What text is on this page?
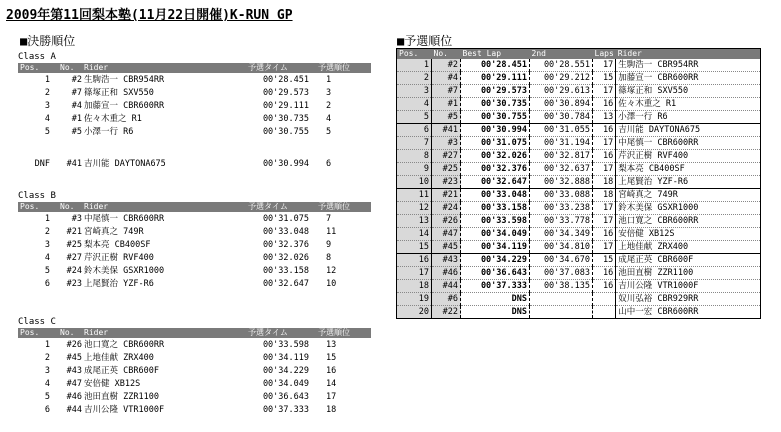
2009年第11回梨本塾(11月22日開催)K-RUN GP
■決勝順位	■予選順位
Class A
Pos.	No. Rider	予選タイム	予選順位
1	#2 生駒浩一 CBR954RR	00'28.451 1
2	#7 篠塚正和 SXV550	00'29.573 3
3	#4 加藤宣一 CBR600RR	00'29.111 2
4	#1 佐々木重之 R1	00'30.735 4
5	#5 小澤一行 R6	00'30.755 5
DNF	#41 吉川能 DAYTONA675	00'30.994 6
Class B
Pos.	No. Rider	予選タイム	予選順位
1	#3 中尾慎一 CBR600RR	00'31.075 7
2	#21 宮崎真之 749R	00'33.048 11
3	#25 梨本亮 CB400SF	00'32.376 9
4	#27 芹沢正樹 RVF400	00'32.026 8
5	#24 鈴木美保 GSXR1000	00'33.158 12
6	#23 上尾賢治 YZF-R6	00'32.647 10
Class C
Pos.	No. Rider	予選タイム	予選順位
1	#26 池口寛之 CBR600RR	00'33.598 13
2	#45 上地佳献 ZRX400	00'34.119 15
3	#43 成尾正英 CBR600F	00'34.229 16
4	#47 安倍健 XB12S	00'34.049 14
5	#46 池田直樹 ZZR1100	00'36.643 17
6	#44 吉川公隆 VTR1000F	00'37.333 18
Pos.	No.	Best Lap	2nd	Laps	Rider
1	#2	00'28.451	00'28.551	17	生駒浩一 CBR954RR
2	#4	00'29.111	00'29.212	15	加藤宣一 CBR600RR
3	#7	00'29.573	00'29.613	17	篠塚正和 SXV550
4	#1	00'30.735	00'30.894	16	佐々木重之 R1
5	#5	00'30.755	00'30.784	13	小澤一行 R6
6	#41	00'30.994	00'31.055	16	吉川能 DAYTONA675
7	#3	00'31.075	00'31.194	17	中尾慎一 CBR600RR
8	#27	00'32.026	00'32.817	16	芹沢正樹 RVF400
9	#25	00'32.376	00'32.637	17	梨本亮 CB400SF
10	#23	00'32.647	00'32.888	18	上尾賢治 YZF-R6
11	#21	00'33.048	00'33.088	18	宮崎真之 749R
12	#24	00'33.158	00'33.238	17	鈴木美保 GSXR1000
13	#26	00'33.598	00'33.778	17	池口寛之 CBR600RR
14	#47	00'34.049	00'34.349	16	安倍健 XB12S
15	#45	00'34.119	00'34.810	17	上地佳献 ZRX400
16	#43	00'34.229	00'34.670	15	成尾正英 CBR600F
17	#46	00'36.643	00'37.083	16	池田直樹 ZZR1100
18	#44	00'37.333	00'38.135	16	吉川公隆 VTR1000F
19	#6	DNS			奴川弘裕 CBR929RR
20	#22	DNS			山中一宏 CBR600RR
